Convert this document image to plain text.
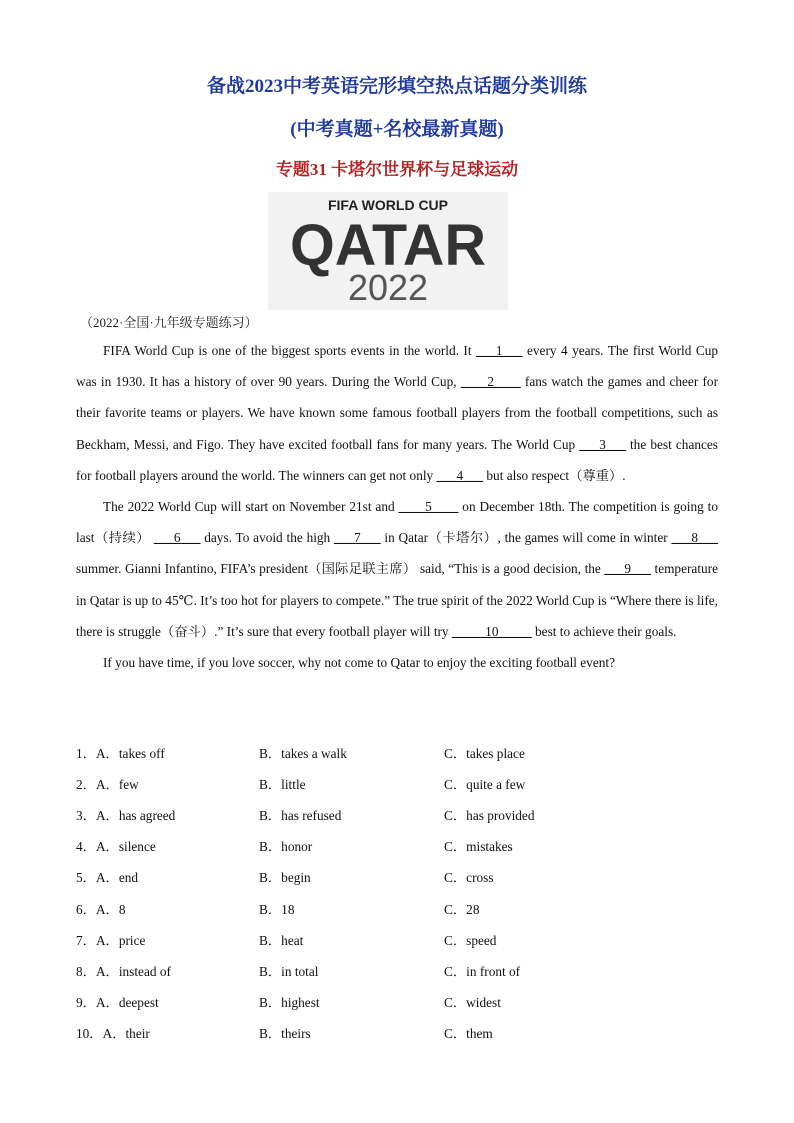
备战2023中考英语完形填空热点话题分类训练
(中考真题+名校最新真题)
专题31 卡塔尔世界杯与足球运动
FIFA WORLD CUP
QATAR
2022
（2022·全国·九年级专题练习）

FIFA World Cup is one of the biggest sports events in the world. It ___1___ every 4 years. The first World Cup was in 1930. It has a history of over 90 years. During the World Cup, ____2____ fans watch the games and cheer for their favorite teams or players. We have known some famous football players from the football competitions, such as Beckham, Messi, and Figo. They have excited football fans for many years. The World Cup ___3___ the best chances for football players around the world. The winners can get not only ___4___ but also respect（尊重）.

The 2022 World Cup will start on November 21st and ____5____ on December 18th. The competition is going to last（持续） ___6___ days. To avoid the high ___7___ in Qatar（卡塔尔）, the games will come in winter ___8___ summer. Gianni Infantino, FIFA’s president（国际足联主席） said, “This is a good decision, the ___9___ temperature in Qatar is up to 45℃. It’s too hot for players to compete.” The true spirit of the 2022 World Cup is “Where there is life, there is struggle（奋斗）.” It’s sure that every football player will try _____10_____ best to achieve their goals.

If you have time, if you love soccer, why not come to Qatar to enjoy the exciting football event?

1．A．takes off	B．takes a walk	C．takes place
2．A．few	B．little	C．quite a few
3．A．has agreed	B．has refused	C．has provided
4．A．silence	B．honor	C．mistakes
5．A．end	B．begin	C．cross
6．A．8	B．18	C．28
7．A．price	B．heat	C．speed
8．A．instead of	B．in total	C．in front of
9．A．deepest	B．highest	C．widest
10．A．their	B．theirs	C．them
